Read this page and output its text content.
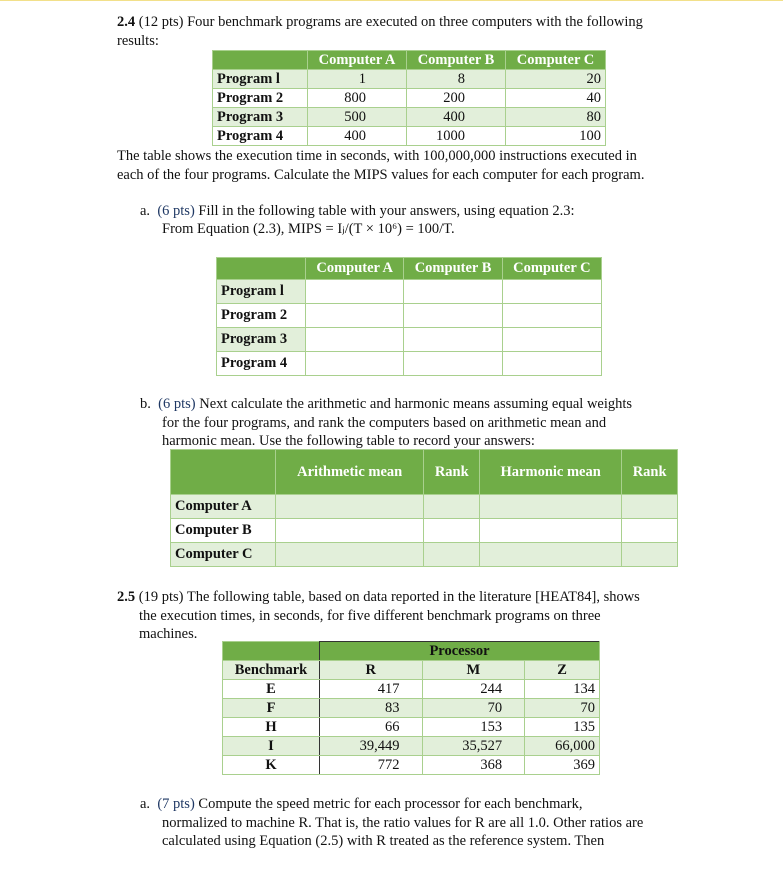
2.4 (12 pts) Four benchmark programs are executed on three computers with the following
results:
	Computer A	Computer B	Computer C
Program l	1	8	20
Program 2	800	200	40
Program 3	500	400	80
Program 4	400	1000	100
The table shows the execution time in seconds, with 100,000,000 instructions executed in
each of the four programs. Calculate the MIPS values for each computer for each program.
a. (6 pts) Fill in the following table with your answers, using equation 2.3:
From Equation (2.3), MIPS = Iⱼ/(T × 10⁶) = 100/T.
	Computer A	Computer B	Computer C
Program l			
Program 2			
Program 3			
Program 4			
b. (6 pts) Next calculate the arithmetic and harmonic means assuming equal weights
for the four programs, and rank the computers based on arithmetic mean and
harmonic mean. Use the following table to record your answers:
	Arithmetic mean	Rank	Harmonic mean	Rank
Computer A				
Computer B				
Computer C				
2.5 (19 pts) The following table, based on data reported in the literature [HEAT84], shows
the execution times, in seconds, for five different benchmark programs on three
machines.
	Processor		
Benchmark	R	M	Z
E	417	244	134
F	83	70	70
H	66	153	135
I	39,449	35,527	66,000
K	772	368	369
a. (7 pts) Compute the speed metric for each processor for each benchmark,
normalized to machine R. That is, the ratio values for R are all 1.0. Other ratios are
calculated using Equation (2.5) with R treated as the reference system. Then
